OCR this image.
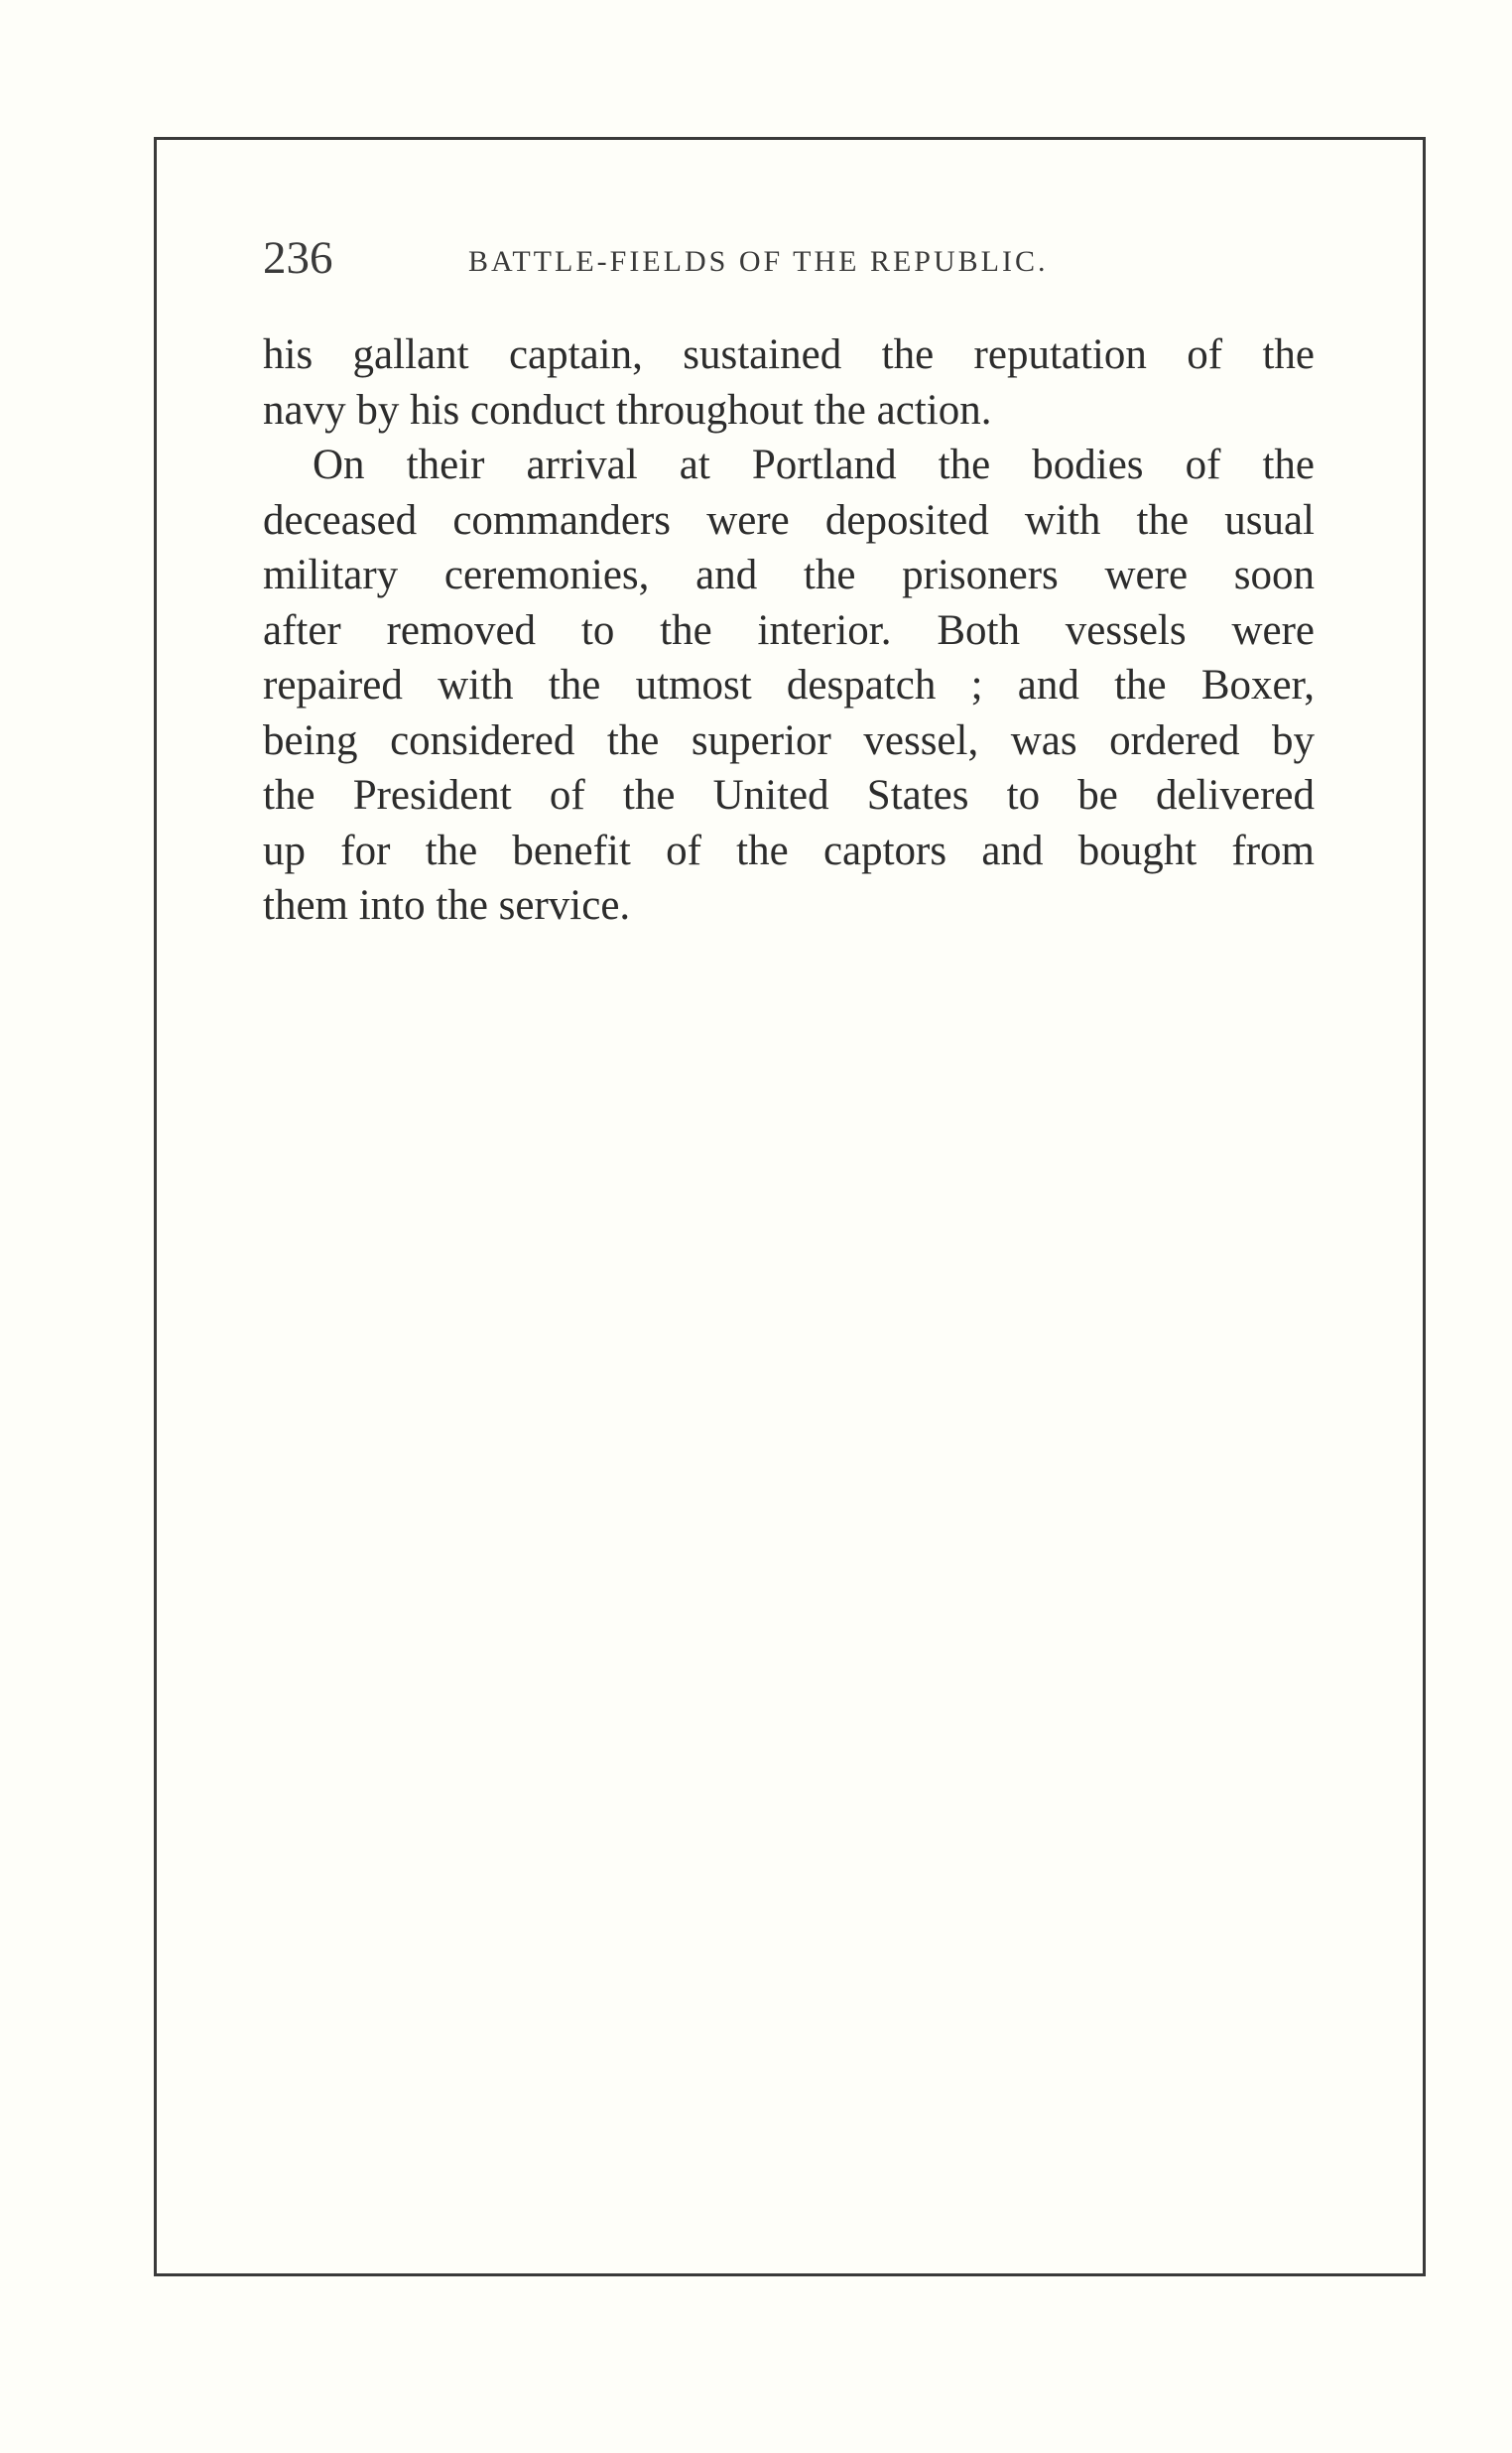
236	BATTLE-FIELDS OF THE REPUBLIC.
his gallant captain, sustained the reputation of the
navy by his conduct throughout the action.
On their arrival at Portland the bodies of the
deceased commanders were deposited with the usual
military ceremonies, and the prisoners were soon
after removed to the interior. Both vessels were
repaired with the utmost despatch ; and the Boxer,
being considered the superior vessel, was ordered by
the President of the United States to be delivered
up for the benefit of the captors and bought from
them into the service.
